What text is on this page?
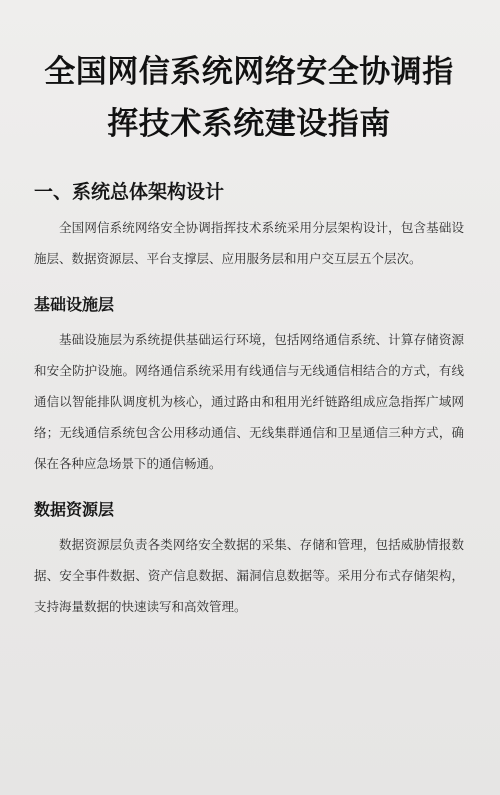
全国网信系统网络安全协调指
挥技术系统建设指南
一、系统总体架构设计

全国网信系统网络安全协调指挥技术系统采用分层架构设计，包含基础设施层、数据资源层、平台支撑层、应用服务层和用户交互层五个层次。

基础设施层

基础设施层为系统提供基础运行环境，包括网络通信系统、计算存储资源和安全防护设施。网络通信系统采用有线通信与无线通信相结合的方式，有线通信以智能排队调度机为核心，通过路由和租用光纤链路组成应急指挥广域网络；无线通信系统包含公用移动通信、无线集群通信和卫星通信三种方式，确保在各种应急场景下的通信畅通。

数据资源层

数据资源层负责各类网络安全数据的采集、存储和管理，包括威胁情报数据、安全事件数据、资产信息数据、漏洞信息数据等。采用分布式存储架构，支持海量数据的快速读写和高效管理。
